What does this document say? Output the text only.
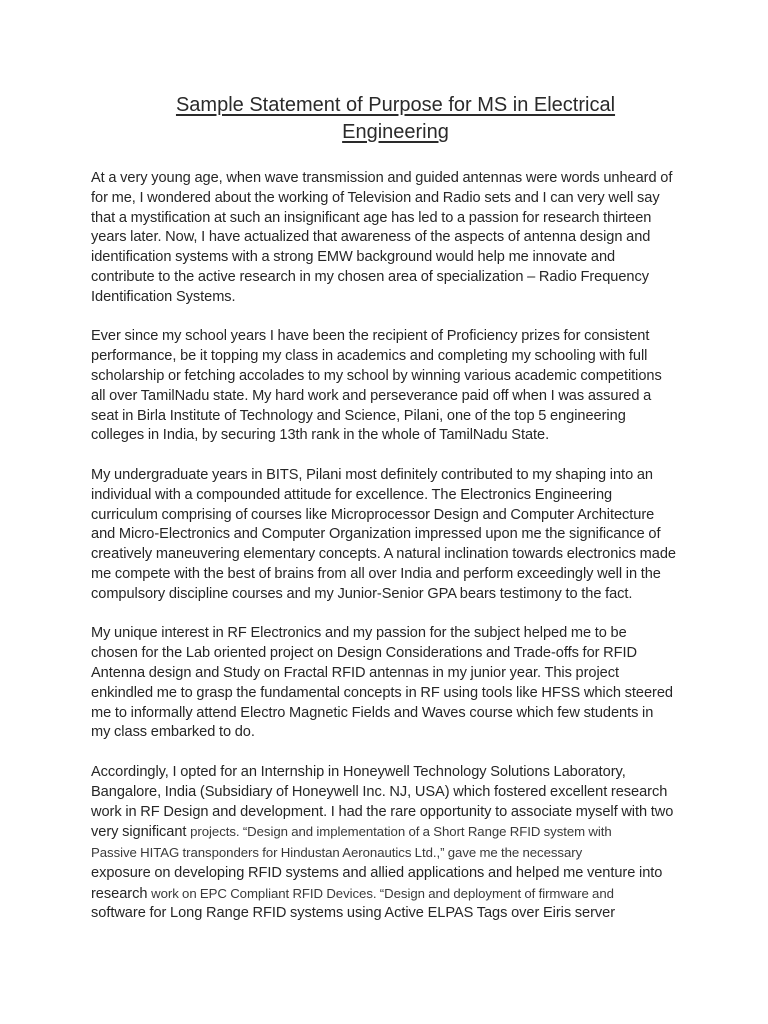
Sample Statement of Purpose for MS in Electrical
Engineering
At a very young age, when wave transmission and guided antennas were words unheard of
for me, I wondered about the working of Television and Radio sets and I can very well say
that a mystification at such an insignificant age has led to a passion for research thirteen
years later. Now, I have actualized that awareness of the aspects of antenna design and
identification systems with a strong EMW background would help me innovate and
contribute to the active research in my chosen area of specialization – Radio Frequency
Identification Systems.
Ever since my school years I have been the recipient of Proficiency prizes for consistent
performance, be it topping my class in academics and completing my schooling with full
scholarship or fetching accolades to my school by winning various academic competitions
all over TamilNadu state. My hard work and perseverance paid off when I was assured a
seat in Birla Institute of Technology and Science, Pilani, one of the top 5 engineering
colleges in India, by securing 13th rank in the whole of TamilNadu State.
My undergraduate years in BITS, Pilani most definitely contributed to my shaping into an
individual with a compounded attitude for excellence. The Electronics Engineering
curriculum comprising of courses like Microprocessor Design and Computer Architecture
and Micro-Electronics and Computer Organization impressed upon me the significance of
creatively maneuvering elementary concepts. A natural inclination towards electronics made
me compete with the best of brains from all over India and perform exceedingly well in the
compulsory discipline courses and my Junior-Senior GPA bears testimony to the fact.
My unique interest in RF Electronics and my passion for the subject helped me to be
chosen for the Lab oriented project on Design Considerations and Trade-offs for RFID
Antenna design and Study on Fractal RFID antennas in my junior year. This project
enkindled me to grasp the fundamental concepts in RF using tools like HFSS which steered
me to informally attend Electro Magnetic Fields and Waves course which few students in
my class embarked to do.
Accordingly, I opted for an Internship in Honeywell Technology Solutions Laboratory,
Bangalore, India (Subsidiary of Honeywell Inc. NJ, USA) which fostered excellent research
work in RF Design and development. I had the rare opportunity to associate myself with two
very significant projects. “Design and implementation of a Short Range RFID system with
Passive HITAG transponders for Hindustan Aeronautics Ltd.,” gave me the necessary
exposure on developing RFID systems and allied applications and helped me venture into
research work on EPC Compliant RFID Devices. “Design and deployment of firmware and
software for Long Range RFID systems using Active ELPAS Tags over Eiris server
